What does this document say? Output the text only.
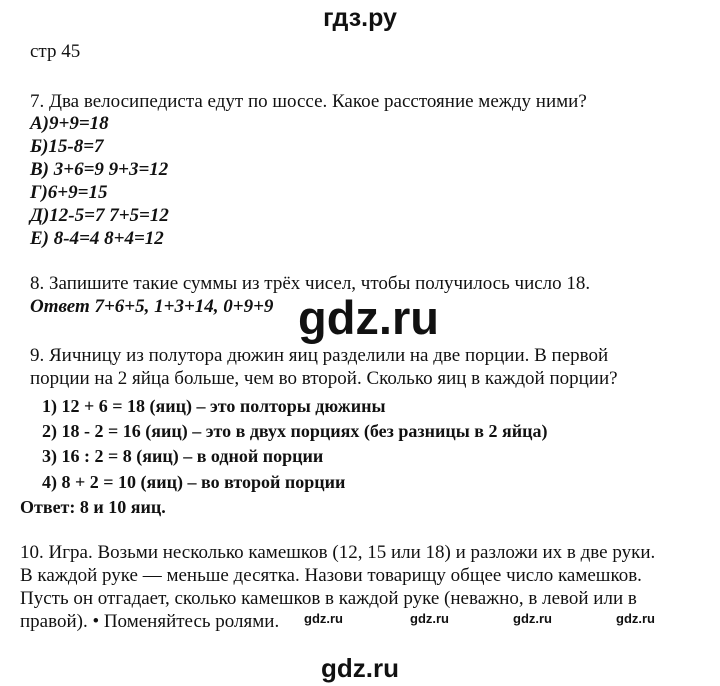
гдз.ру
стр 45
7. Два велосипедиста едут по шоссе. Какое расстояние между ними?
А)9+9=18
Б)15-8=7
В) 3+6=9 9+3=12
Г)6+9=15
Д)12-5=7 7+5=12
Е) 8-4=4 8+4=12
8. Запишите такие суммы из трёх чисел, чтобы получилось число 18.
Ответ 7+6+5, 1+3+14, 0+9+9 gdz.ru
9. Яичницу из полутора дюжин яиц разделили на две порции. В первой
порции на 2 яйца больше, чем во второй. Сколько яиц в каждой порции?
1) 12 + 6 = 18 (яиц) – это полторы дюжины
2) 18 - 2 = 16 (яиц) – это в двух порциях (без разницы в 2 яйца)
3) 16 : 2 = 8 (яиц) – в одной порции
4) 8 + 2 = 10 (яиц) – во второй порции
Ответ: 8 и 10 яиц.
10. Игра. Возьми несколько камешков (12, 15 или 18) и разложи их в две руки.
В каждой руке — меньше десятка. Назови товарищу общее число камешков.
Пусть он отгадает, сколько камешков в каждой руке (неважно, в левой или в
правой). • Поменяйтесь ролями. gdz.ru	gdz.ru	gdz.ru	gdz.ru
gdz.ru
